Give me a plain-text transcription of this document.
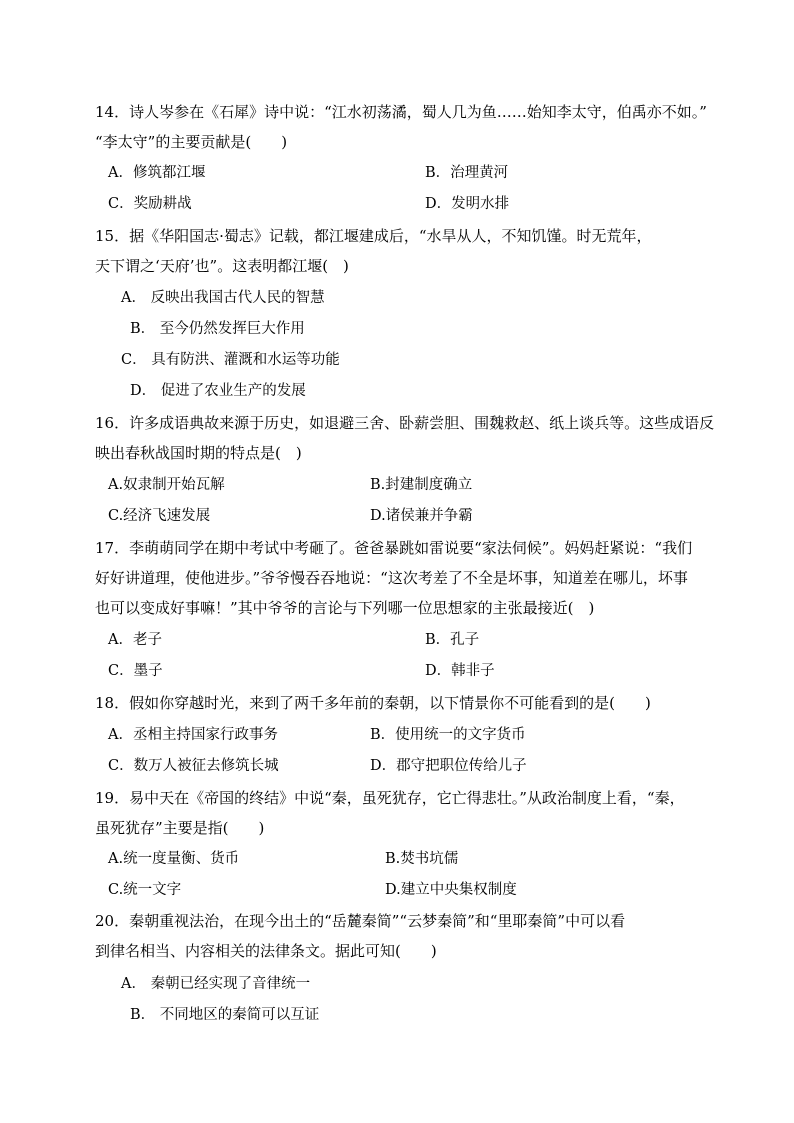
14．诗人岑参在《石犀》诗中说：“江水初荡潏，蜀人几为鱼……始知李太守，伯禹亦不如。”
“李太守”的主要贡献是(　　)
A．修筑都江堰	B．治理黄河
C．奖励耕战	D．发明水排
15．据《华阳国志·蜀志》记载，都江堰建成后，“水旱从人，不知饥馑。时无荒年，
天下谓之‘天府’也”。这表明都江堰(　)
A． 反映出我国古代人民的智慧
B． 至今仍然发挥巨大作用
C． 具有防洪、灌溉和水运等功能
D． 促进了农业生产的发展
16．许多成语典故来源于历史，如退避三舍、卧薪尝胆、围魏救赵、纸上谈兵等。这些成语反
映出春秋战国时期的特点是(　)
A.奴隶制开始瓦解	B.封建制度确立
C.经济飞速发展	D.诸侯兼并争霸
17．李萌萌同学在期中考试中考砸了。爸爸暴跳如雷说要“家法伺候”。妈妈赶紧说：“我们
好好讲道理，使他进步。”爷爷慢吞吞地说：“这次考差了不全是坏事，知道差在哪儿，坏事
也可以变成好事嘛！”其中爷爷的言论与下列哪一位思想家的主张最接近(　)
A．老子	B．孔子
C．墨子	D．韩非子
18．假如你穿越时光，来到了两千多年前的秦朝，以下情景你不可能看到的是(　　)
A．丞相主持国家行政事务	B．使用统一的文字货币
C．数万人被征去修筑长城	D．郡守把职位传给儿子
19．易中天在《帝国的终结》中说“秦，虽死犹存，它亡得悲壮。”从政治制度上看，“秦，
虽死犹存”主要是指(　　)
A.统一度量衡、货币	B.焚书坑儒
C.统一文字	D.建立中央集权制度
20．秦朝重视法治，在现今出土的“岳麓秦简”“云梦秦简”和“里耶秦简”中可以看
到律名相当、内容相关的法律条文。据此可知(　　)
A． 秦朝已经实现了音律统一
B． 不同地区的秦简可以互证
